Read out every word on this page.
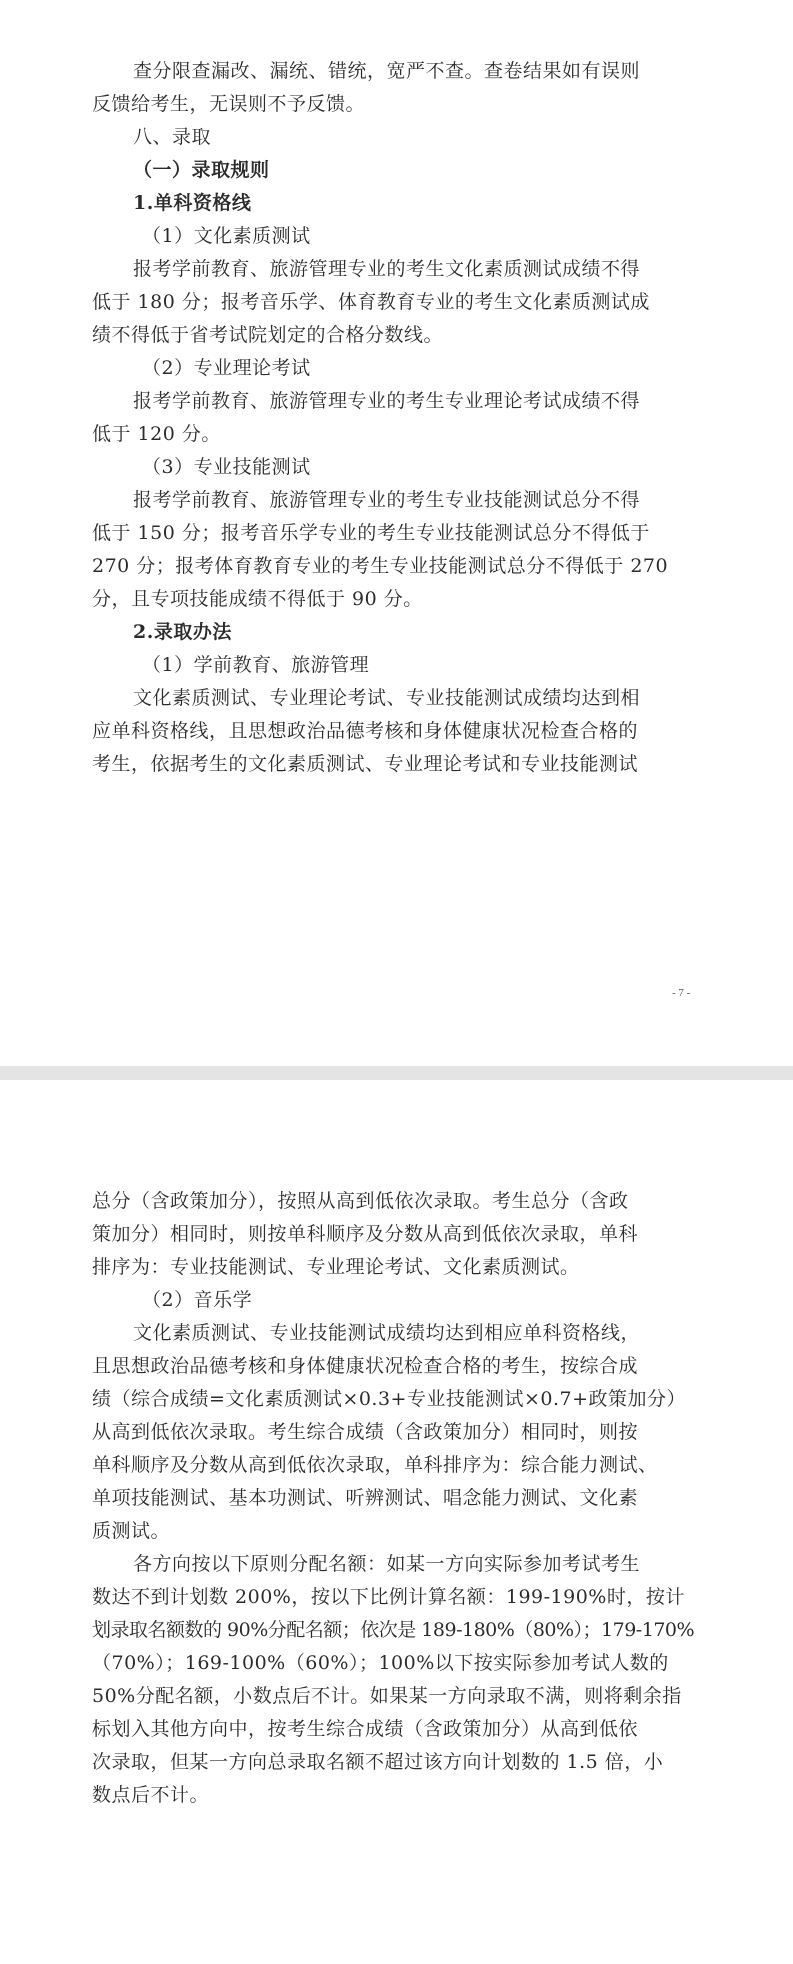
查分限查漏改、漏统、错统，宽严不查。查卷结果如有误则

反馈给考生，无误则不予反馈。

八、录取

（一）录取规则

1.单科资格线

（1）文化素质测试

报考学前教育、旅游管理专业的考生文化素质测试成绩不得

低于 180 分；报考音乐学、体育教育专业的考生文化素质测试成

绩不得低于省考试院划定的合格分数线。

（2）专业理论考试

报考学前教育、旅游管理专业的考生专业理论考试成绩不得

低于 120 分。

（3）专业技能测试

报考学前教育、旅游管理专业的考生专业技能测试总分不得

低于 150 分；报考音乐学专业的考生专业技能测试总分不得低于

270 分；报考体育教育专业的考生专业技能测试总分不得低于 270

分，且专项技能成绩不得低于 90 分。

2.录取办法

（1）学前教育、旅游管理

文化素质测试、专业理论考试、专业技能测试成绩均达到相

应单科资格线，且思想政治品德考核和身体健康状况检查合格的

考生，依据考生的文化素质测试、专业理论考试和专业技能测试

- 7 -

总分（含政策加分），按照从高到低依次录取。考生总分（含政

策加分）相同时，则按单科顺序及分数从高到低依次录取，单科

排序为：专业技能测试、专业理论考试、文化素质测试。

（2）音乐学

文化素质测试、专业技能测试成绩均达到相应单科资格线，

且思想政治品德考核和身体健康状况检查合格的考生，按综合成

绩（综合成绩=文化素质测试×0.3+专业技能测试×0.7+政策加分）

从高到低依次录取。考生综合成绩（含政策加分）相同时，则按

单科顺序及分数从高到低依次录取，单科排序为：综合能力测试、

单项技能测试、基本功测试、听辨测试、唱念能力测试、文化素

质测试。

各方向按以下原则分配名额：如某一方向实际参加考试考生

数达不到计划数 200%，按以下比例计算名额：199-190%时，按计

划录取名额数的 90%分配名额；依次是 189-180%（80%）；179-170%

（70%）；169-100%（60%）；100%以下按实际参加考试人数的

50%分配名额，小数点后不计。如果某一方向录取不满，则将剩余指

标划入其他方向中，按考生综合成绩（含政策加分）从高到低依

次录取，但某一方向总录取名额不超过该方向计划数的 1.5 倍，小

数点后不计。
